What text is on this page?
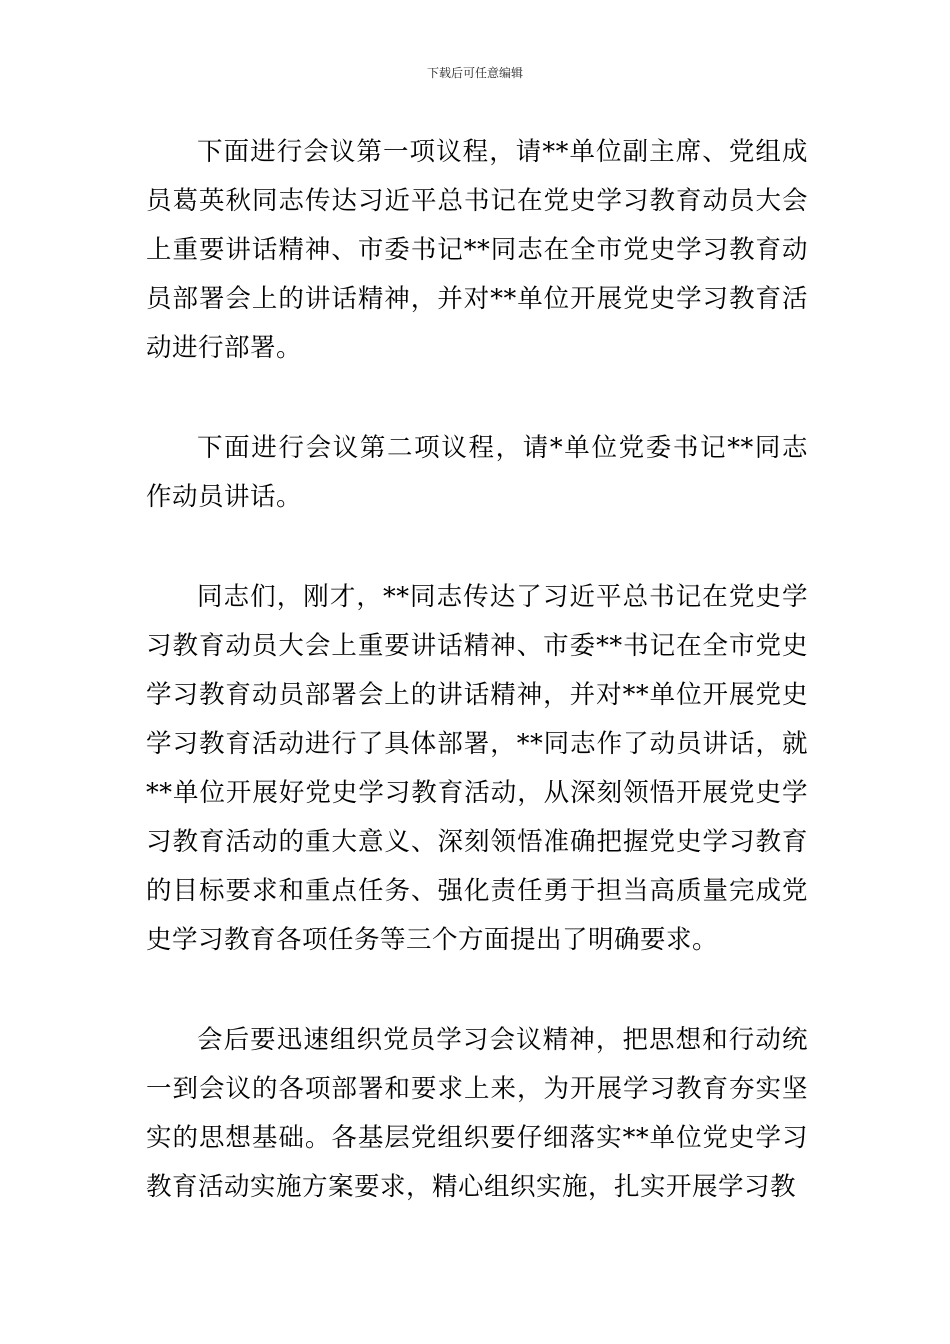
下载后可任意编辑

下面进行会议第一项议程，请**单位副主席、党组成员葛英秋同志传达习近平总书记在党史学习教育动员大会上重要讲话精神、市委书记**同志在全市党史学习教育动员部署会上的讲话精神，并对**单位开展党史学习教育活动进行部署。

下面进行会议第二项议程，请*单位党委书记**同志作动员讲话。

同志们，刚才，**同志传达了习近平总书记在党史学习教育动员大会上重要讲话精神、市委**书记在全市党史学习教育动员部署会上的讲话精神，并对**单位开展党史学习教育活动进行了具体部署，**同志作了动员讲话，就**单位开展好党史学习教育活动，从深刻领悟开展党史学习教育活动的重大意义、深刻领悟准确把握党史学习教育的目标要求和重点任务、强化责任勇于担当高质量完成党史学习教育各项任务等三个方面提出了明确要求。

会后要迅速组织党员学习会议精神，把思想和行动统一到会议的各项部署和要求上来，为开展学习教育夯实坚实的思想基础。各基层党组织要仔细落实**单位党史学习教育活动实施方案要求，精心组织实施，扎实开展学习教
